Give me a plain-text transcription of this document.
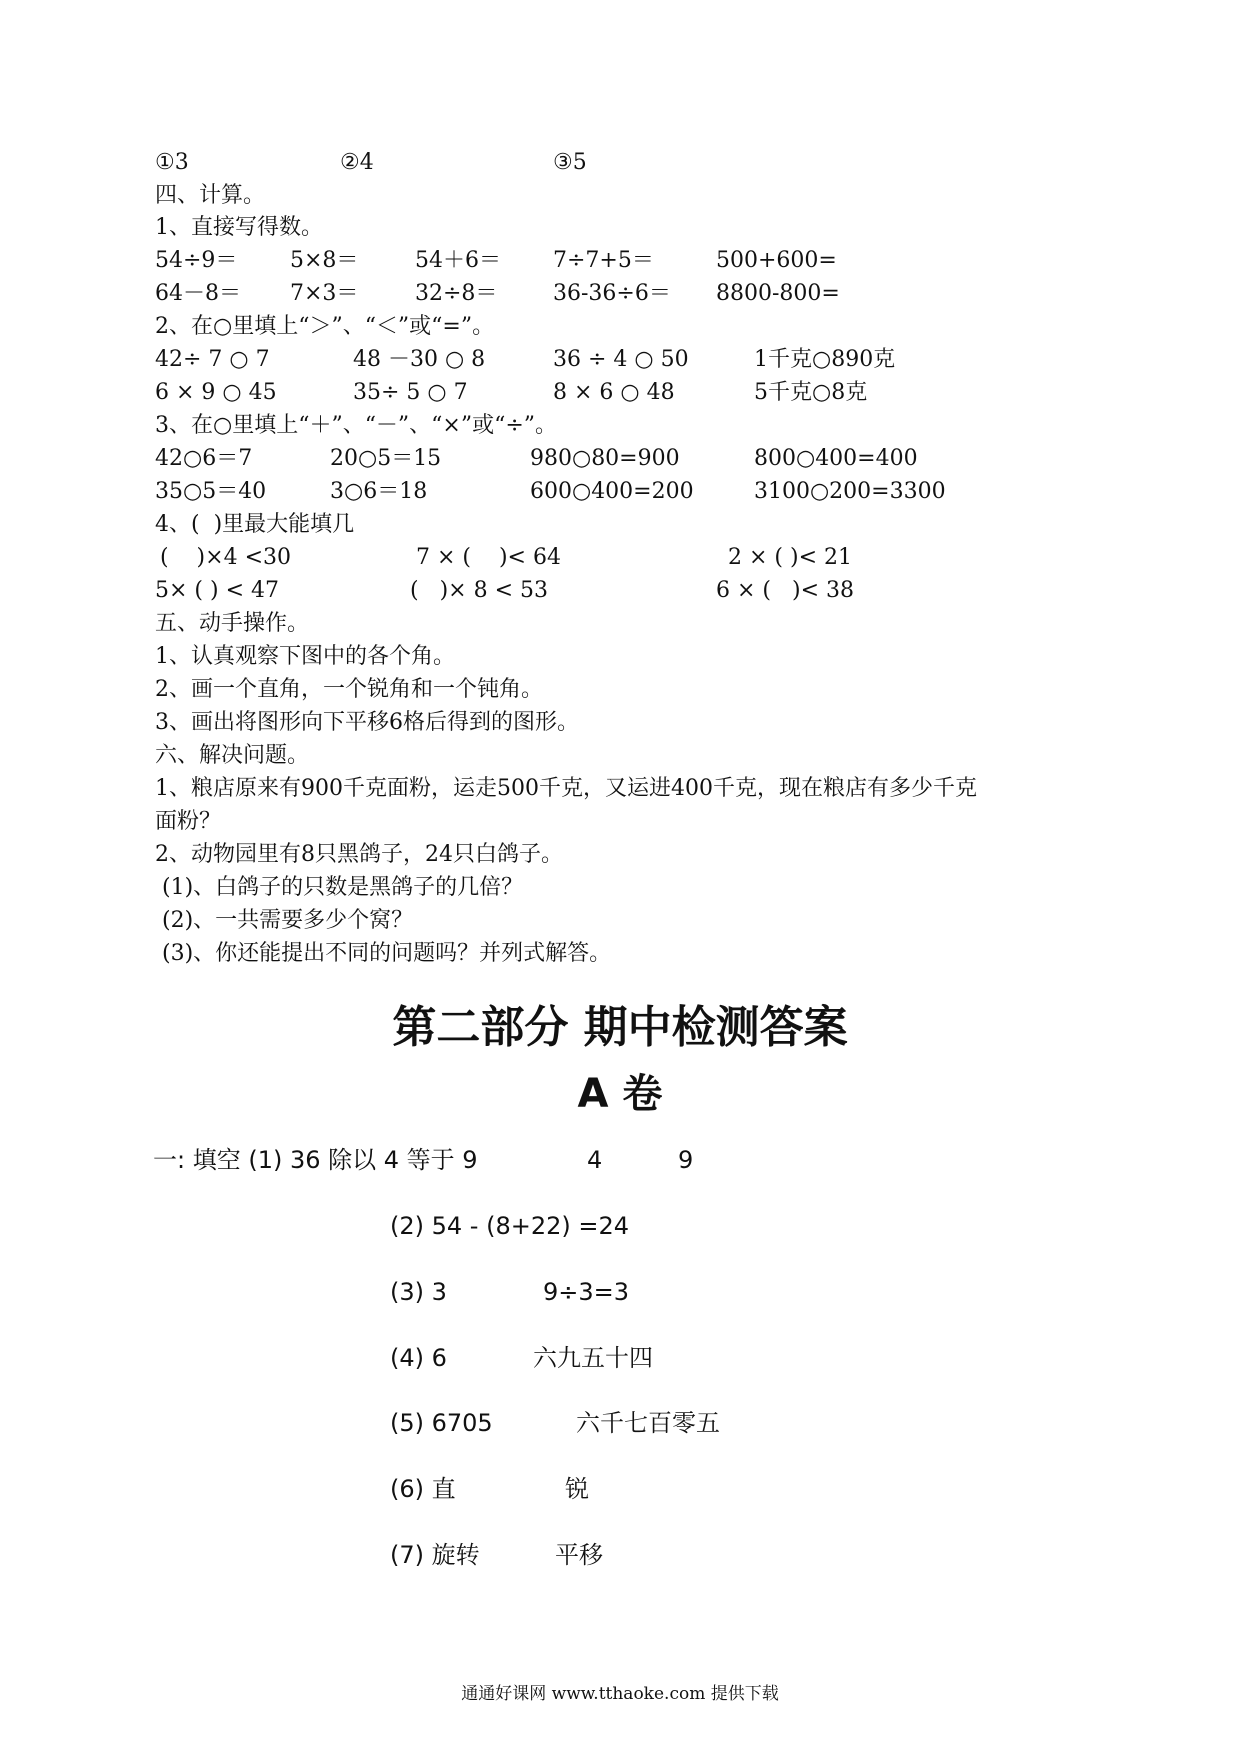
①3	②4	③5
四、计算。
1、直接写得数。
54÷9＝ 5×8＝	54＋6＝ 7÷7+5＝	500+600=
64－8＝ 7×3＝	32÷8＝	36-36÷6＝ 8800-800=
2、在○里填上“＞”、“＜”或“=”。
42÷ 7 ○ 7	48 －30 ○ 8	36 ÷ 4 ○ 50	1千克○890克
6 × 9 ○ 45	35÷ 5 ○ 7	8 × 6 ○ 48	5千克○8克
3、在○里填上“＋”、“－”、“×”或“÷”。
42○6＝7	20○5＝15	980○80=900	800○400=400
35○5＝40	3○6＝18	600○400=200	3100○200=3300
4、(  )里最大能填几
(    )×4 <30	7 × (    )< 64	2 × ( )< 21
5× ( ) < 47	(   )× 8 < 53	6 × (   )< 38
五、动手操作。
1、认真观察下图中的各个角。
2、画一个直角，一个锐角和一个钝角。
3、画出将图形向下平移6格后得到的图形。
六、解决问题。
1、粮店原来有900千克面粉，运走500千克，又运进400千克，现在粮店有多少千克
面粉？
2、动物园里有8只黑鸽子，24只白鸽子。
(1)、白鸽子的只数是黑鸽子的几倍？
(2)、一共需要多少个窝？
(3)、你还能提出不同的问题吗？并列式解答。
第二部分 期中检测答案
A 卷
一: 填空 (1) 36 除以 4 等于 9	4	9
(2) 54 - (8+22) =24
(3) 3	9÷3=3
(4) 6	六九五十四
(5) 6705	六千七百零五
(6) 直	锐
(7) 旋转	平移
通通好课网 www.tthaoke.com 提供下载
